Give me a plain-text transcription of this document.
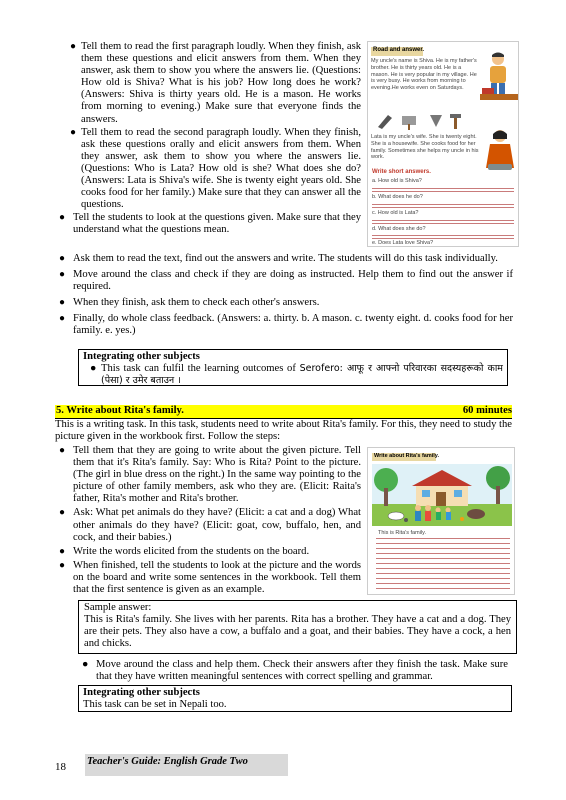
● Tell them to read the first paragraph loudly. When they finish, ask them these questions and elicit answers from them. When they answer, ask them to show you where the answers lie. (Questions: How old is Shiva? What is his job? How long does he work? (Answers: Shiva is thirty years old. He is a mason. He works from morning to evening.) Make sure that everyone finds the answers.
● Tell them to read the second paragraph loudly. When they finish, ask these questions orally and elicit answers from them. When they answer, ask them to show you where the answers lie. (Questions: Who is Lata? How old is she? What does she do?(Answers: Lata is Shiva's wife. She is twenty eight years old. She cooks food for her family.) Make sure that they can answer all the questions.
● Tell the students to look at the questions given. Make sure that they understand what the questions mean.
● Ask them to read the text, find out the answers and write. The students will do this task individually.
● Move around the class and check if they are doing as instructed. Help them to find out the answer if required.
● When they finish, ask them to check each other's answers.
● Finally, do whole class feedback. (Answers: a. thirty. b. A mason. c. twenty eight. d. cooks food for her family. e. yes.)
Road and answer.
My uncle's name is Shiva. He is my father's brother. He is thirty years old. He is a mason. He is very popular in my village. He is very busy. He works from morning to evening.He works even on Saturdays.
Lata is my uncle's wife. She is twenty eight. She is a housewife. She cooks food for her family. Sometimes she helps my uncle in his work.
Write short answers.
a. How old is Shiva?
b. What does he do?
c. How old is Lata?
d. What does she do?
e. Does Lata love Shiva?
Integrating other subjects
● This task can fulfil the learning outcomes of Serofero: आफू र आफ्नो परिवारका सदस्यहरूको काम (पेसा) र उमेर बताउन ।
5. Write about Rita's family.	60 minutes
This is a writing task. In this task, students need to write about Rita's family. For this, they need to study the picture given in the workbook first. Follow the steps:
● Tell them that they are going to write about the given picture. Tell them that it's Rita's family. Say: Who is Rita? Point to the picture. (The girl in blue dress on the right.) In the same way pointing to the picture of other family members, ask who they are. (Elicit: Raita's father, Rita's mother and Rita's brother.
● Ask: What pet animals do they have? (Elicit: a cat and a dog) What other animals do they have? (Elicit: goat, cow, buffalo, hen, and cock, and their babies.)
● Write the words elicited from the students on the board.
● When finished, tell the students to look at the picture and the words on the board and write some sentences in the workbook. Tell them that the first sentence is given as an example.
Write about Rita's family.
This is Rita's family.
Sample answer:
This is Rita's family. She lives with her parents. Rita has a brother. They have a cat and a dog. They are their pets. They also have a cow, a buffalo and a goat, and their babies. They have a cock, a hen and chicks.
● Move around the class and help them. Check their answers after they finish the task. Make sure that they have written meaningful sentences with correct spelling and grammar.
Integrating other subjects
This task can be set in Nepali too.
18 Teacher's Guide: English Grade Two
